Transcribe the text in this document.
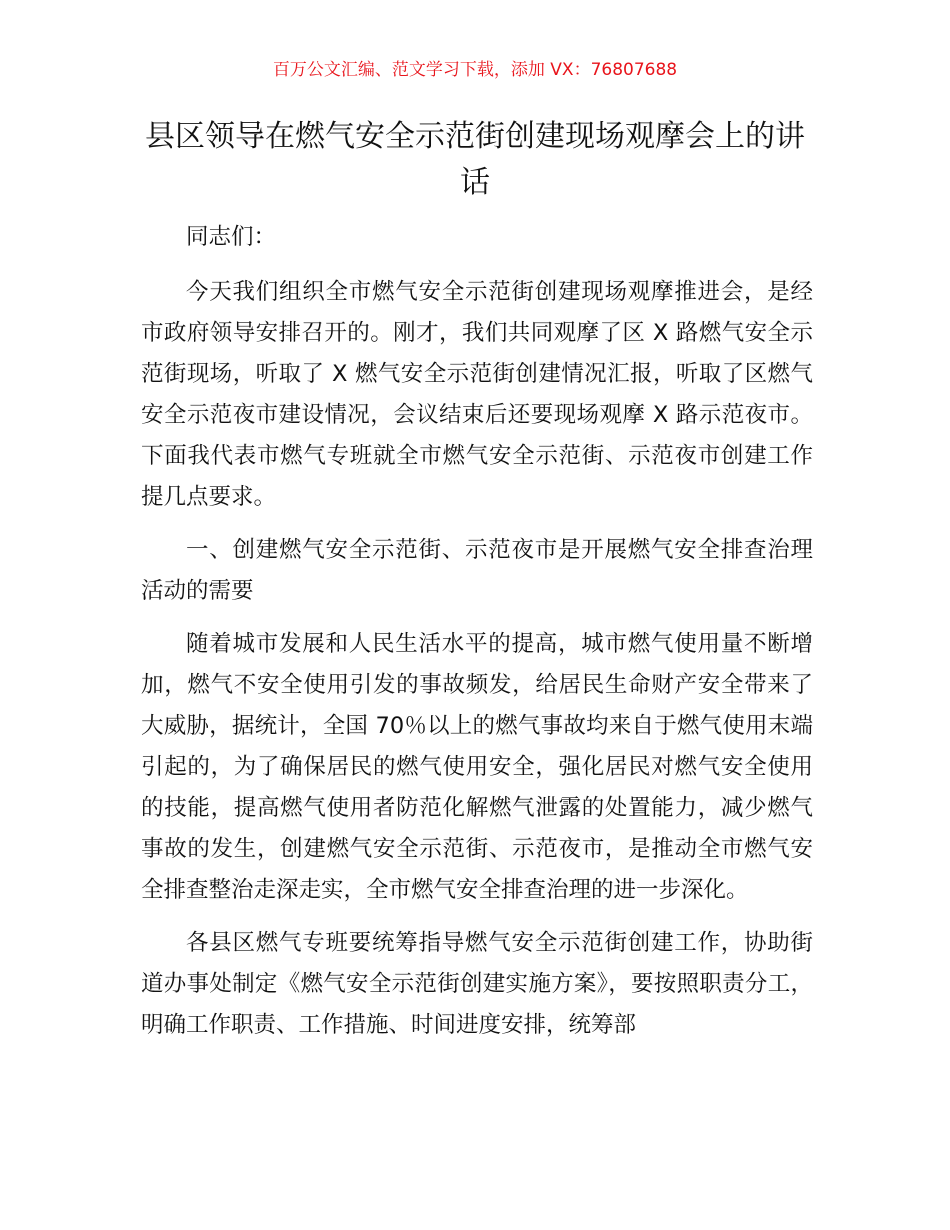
百万公文汇编、范文学习下载，添加 VX：76807688
县区领导在燃气安全示范街创建现场观摩会上的讲话

同志们：

今天我们组织全市燃气安全示范街创建现场观摩推进会，是经市政府领导安排召开的。刚才，我们共同观摩了区 X 路燃气安全示范街现场，听取了 X 燃气安全示范街创建情况汇报，听取了区燃气安全示范夜市建设情况，会议结束后还要现场观摩 X 路示范夜市。下面我代表市燃气专班就全市燃气安全示范街、示范夜市创建工作提几点要求。

一、创建燃气安全示范街、示范夜市是开展燃气安全排查治理活动的需要

随着城市发展和人民生活水平的提高，城市燃气使用量不断增加，燃气不安全使用引发的事故频发，给居民生命财产安全带来了大威胁，据统计，全国 70％以上的燃气事故均来自于燃气使用末端引起的，为了确保居民的燃气使用安全，强化居民对燃气安全使用的技能，提高燃气使用者防范化解燃气泄露的处置能力，减少燃气事故的发生，创建燃气安全示范街、示范夜市，是推动全市燃气安全排查整治走深走实，全市燃气安全排查治理的进一步深化。

各县区燃气专班要统筹指导燃气安全示范街创建工作，协助街道办事处制定《燃气安全示范街创建实施方案》，要按照职责分工，明确工作职责、工作措施、时间进度安排，统筹部
